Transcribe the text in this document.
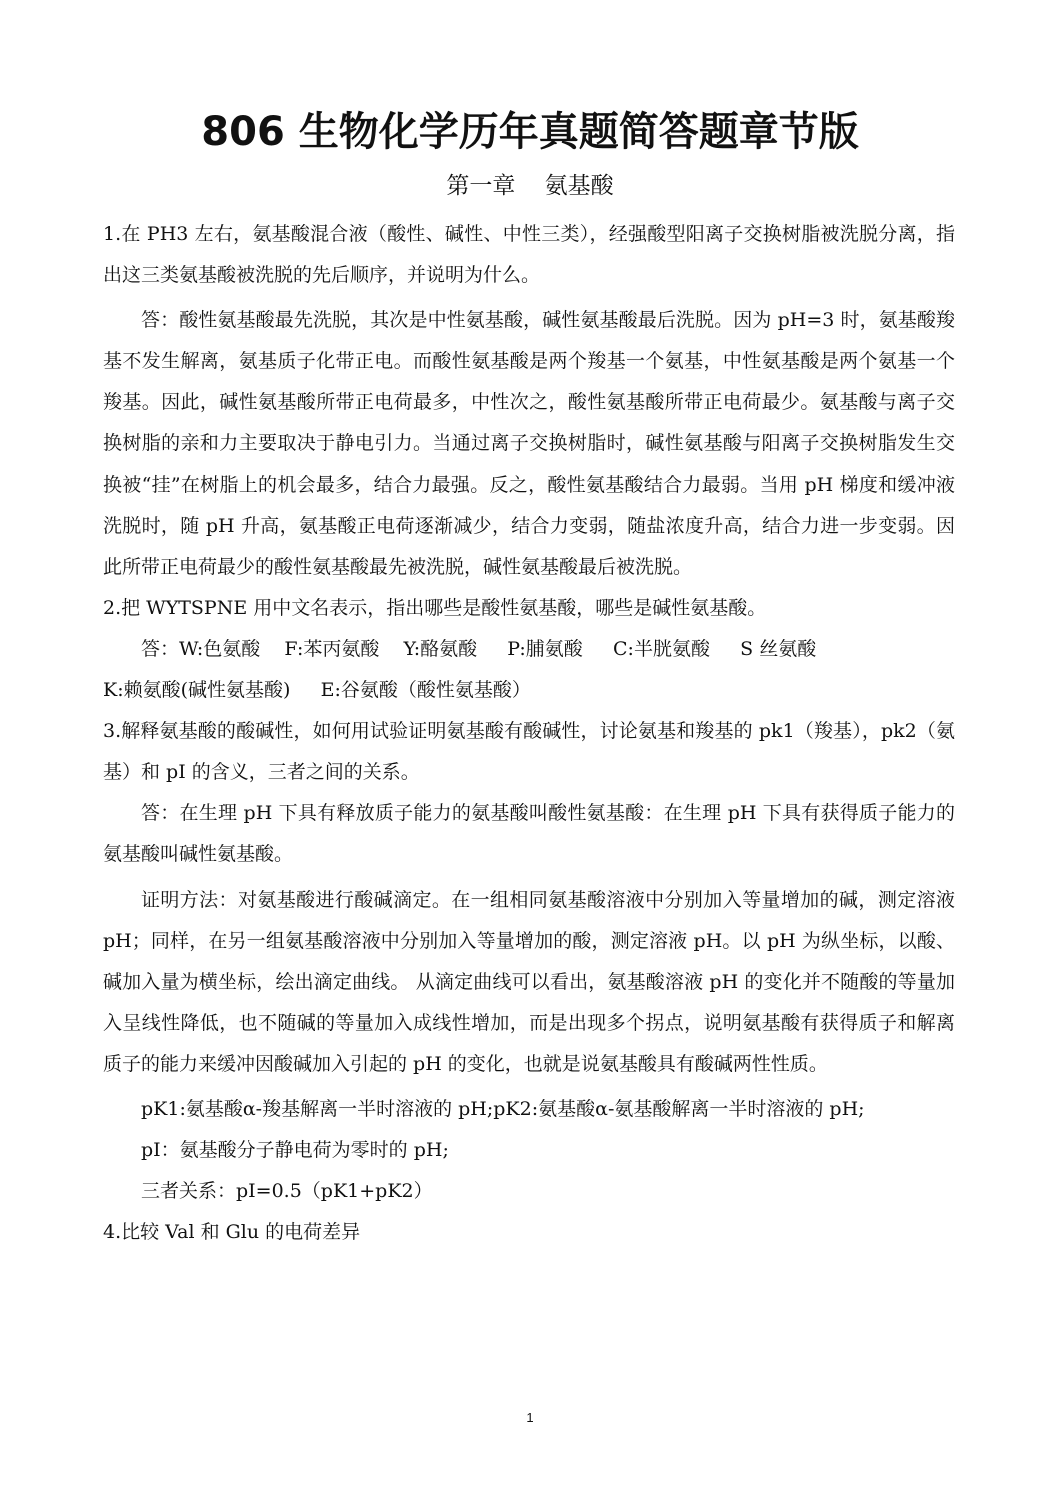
806 生物化学历年真题简答题章节版
第一章    氨基酸

1.在 PH3 左右，氨基酸混合液（酸性、碱性、中性三类），经强酸型阳离子交换树脂被洗脱分离，指出这三类氨基酸被洗脱的先后顺序，并说明为什么。

答：酸性氨基酸最先洗脱，其次是中性氨基酸，碱性氨基酸最后洗脱。因为 pH=3 时，氨基酸羧基不发生解离，氨基质子化带正电。而酸性氨基酸是两个羧基一个氨基，中性氨基酸是两个氨基一个羧基。因此，碱性氨基酸所带正电荷最多，中性次之，酸性氨基酸所带正电荷最少。氨基酸与离子交换树脂的亲和力主要取决于静电引力。当通过离子交换树脂时，碱性氨基酸与阳离子交换树脂发生交换被“挂”在树脂上的机会最多，结合力最强。反之，酸性氨基酸结合力最弱。当用 pH 梯度和缓冲液洗脱时，随 pH 升高，氨基酸正电荷逐渐减少，结合力变弱，随盐浓度升高，结合力进一步变弱。因此所带正电荷最少的酸性氨基酸最先被洗脱，碱性氨基酸最后被洗脱。

2.把 WYTSPNE 用中文名表示，指出哪些是酸性氨基酸，哪些是碱性氨基酸。

答：W:色氨酸    F:苯丙氨酸    Y:酪氨酸     P:脯氨酸     C:半胱氨酸     S 丝氨酸

K:赖氨酸(碱性氨基酸)     E:谷氨酸（酸性氨基酸）

3.解释氨基酸的酸碱性，如何用试验证明氨基酸有酸碱性，讨论氨基和羧基的 pk1（羧基），pk2（氨基）和 pI 的含义，三者之间的关系。

答：在生理 pH 下具有释放质子能力的氨基酸叫酸性氨基酸：在生理 pH 下具有获得质子能力的氨基酸叫碱性氨基酸。

证明方法：对氨基酸进行酸碱滴定。在一组相同氨基酸溶液中分别加入等量增加的碱，测定溶液 pH；同样，在另一组氨基酸溶液中分别加入等量增加的酸，测定溶液 pH。以 pH 为纵坐标，以酸、碱加入量为横坐标，绘出滴定曲线。 从滴定曲线可以看出，氨基酸溶液 pH 的变化并不随酸的等量加入呈线性降低，也不随碱的等量加入成线性增加，而是出现多个拐点，说明氨基酸有获得质子和解离质子的能力来缓冲因酸碱加入引起的 pH 的变化，也就是说氨基酸具有酸碱两性性质。

pK1:氨基酸α-羧基解离一半时溶液的 pH;pK2:氨基酸α-氨基酸解离一半时溶液的 pH;

pI：氨基酸分子静电荷为零时的 pH;

三者关系：pI=0.5（pK1+pK2）

4.比较 Val 和 Glu 的电荷差异

1
